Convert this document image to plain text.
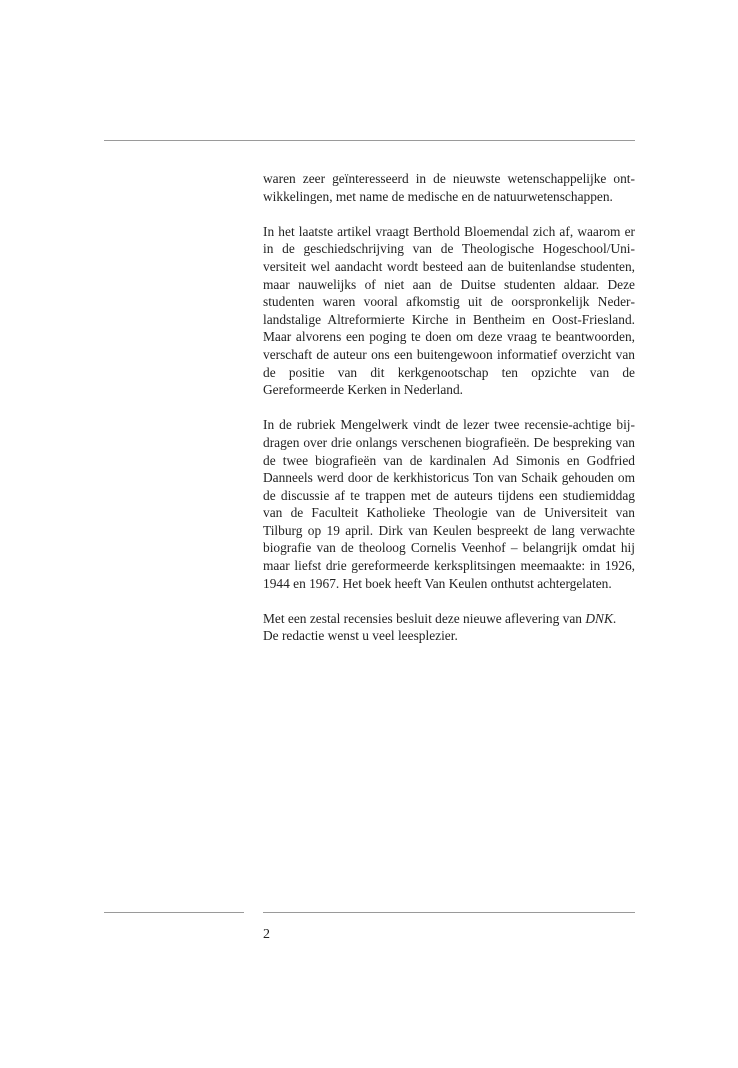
waren zeer geïnteresseerd in de nieuwste wetenschappelijke ontwikkelingen, met name de medische en de natuurwetenschappen.

In het laatste artikel vraagt Berthold Bloemendal zich af, waarom er in de geschiedschrijving van de Theologische Hogeschool/Universiteit wel aandacht wordt besteed aan de buitenlandse studenten, maar nauwelijks of niet aan de Duitse studenten aldaar. Deze studenten waren vooral afkomstig uit de oorspronkelijk Nederlandstalige Altreformierte Kirche in Bentheim en Oost-Friesland. Maar alvorens een poging te doen om deze vraag te beantwoorden, verschaft de auteur ons een buitengewoon informatief overzicht van de positie van dit kerkgenootschap ten opzichte van de Gereformeerde Kerken in Nederland.

In de rubriek Mengelwerk vindt de lezer twee recensie-achtige bijdragen over drie onlangs verschenen biografieën. De bespreking van de twee biografieën van de kardinalen Ad Simonis en Godfried Danneels werd door de kerkhistoricus Ton van Schaik gehouden om de discussie af te trappen met de auteurs tijdens een studiemiddag van de Faculteit Katholieke Theologie van de Universiteit van Tilburg op 19 april. Dirk van Keulen bespreekt de lang verwachte biografie van de theoloog Cornelis Veenhof – belangrijk omdat hij maar liefst drie gereformeerde kerksplitsingen meemaakte: in 1926, 1944 en 1967. Het boek heeft Van Keulen onthutst achtergelaten.

Met een zestal recensies besluit deze nieuwe aflevering van DNK.
De redactie wenst u veel leesplezier.

2
